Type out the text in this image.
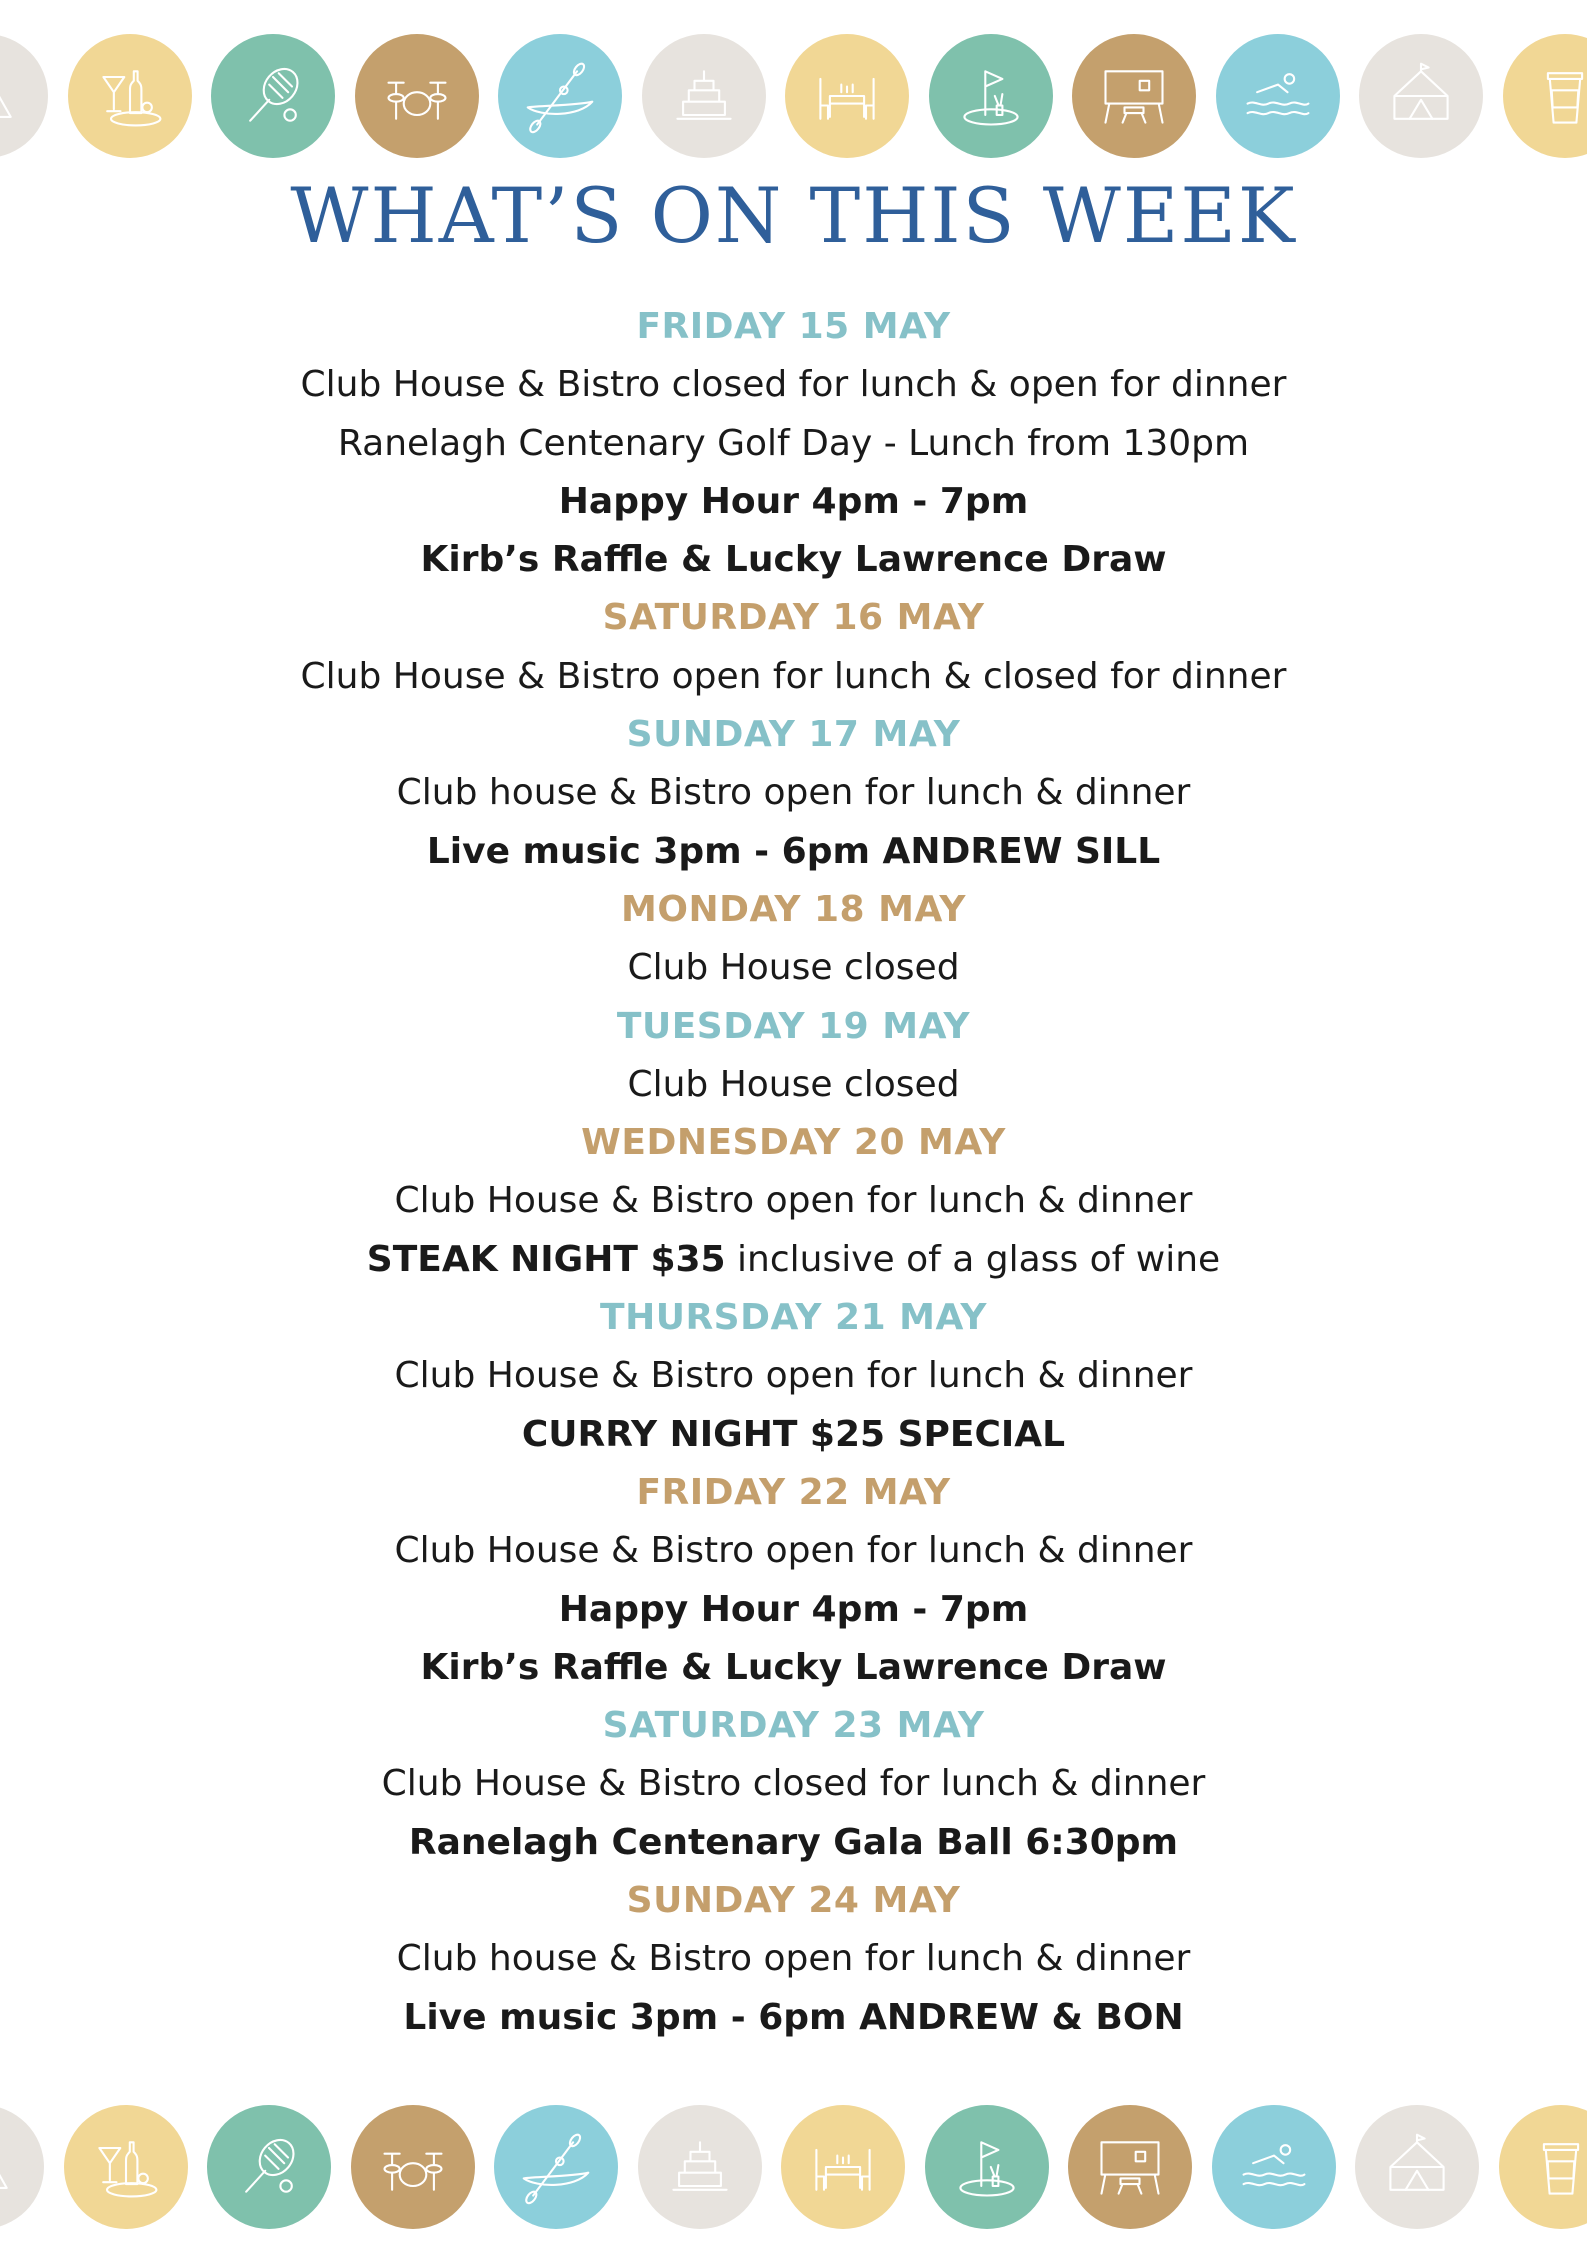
WHAT’S ON THIS WEEK
FRIDAY 15 MAY
Club House & Bistro closed for lunch & open for dinner
Ranelagh Centenary Golf Day - Lunch from 130pm
Happy Hour 4pm - 7pm
Kirb’s Raffle & Lucky Lawrence Draw
SATURDAY 16 MAY
Club House & Bistro open for lunch & closed for dinner
SUNDAY 17 MAY
Club house & Bistro open for lunch & dinner
Live music 3pm - 6pm ANDREW SILL
MONDAY 18 MAY
Club House closed
TUESDAY 19 MAY
Club House closed
WEDNESDAY 20 MAY
Club House & Bistro open for lunch & dinner
STEAK NIGHT $35 inclusive of a glass of wine
THURSDAY 21 MAY
Club House & Bistro open for lunch & dinner
CURRY NIGHT $25 SPECIAL
FRIDAY 22 MAY
Club House & Bistro open for lunch & dinner
Happy Hour 4pm - 7pm
Kirb’s Raffle & Lucky Lawrence Draw
SATURDAY 23 MAY
Club House & Bistro closed for lunch & dinner
Ranelagh Centenary Gala Ball 6:30pm
SUNDAY 24 MAY
Club house & Bistro open for lunch & dinner
Live music 3pm - 6pm ANDREW & BON
